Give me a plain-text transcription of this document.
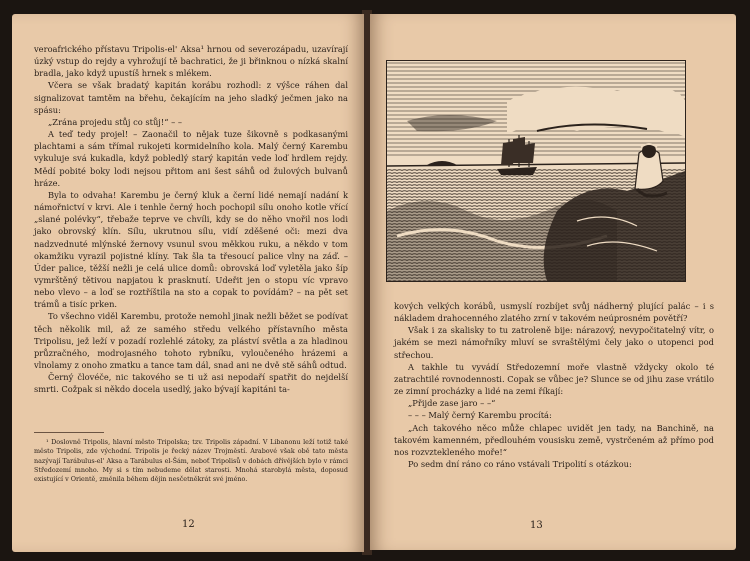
veroafrického přístavu Tripolis-el' Aksa¹ hrnou od severozápadu, uzavírají úzký vstup do rejdy a vyhrožují tě bachratici, že ji břinknou o nízká skalní bradla, jako když upustíš hrnek s mlékem.

Včera se však bradatý kapitán korábu rozhodl: z výšce ráhen dal signalizovat tamtěm na břehu, čekajícím na jeho sladký ječmen jako na spásu:

„Zrána projedu stůj co stůj!“ – –

A teď tedy projel! – Zaonačil to nějak tuze šikovně s podkasanými plachtami a sám třímal rukojeti kormidelního kola. Malý černý Karembu vykuluje svá kukadla, když pobledlý starý kapitán vede loď hrdlem rejdy. Mědí pobité boky lodi nejsou přitom ani šest sáhů od žulových bulvanů hráze.

Byla to odvaha! Karembu je černý kluk a černí lidé nemají nadání k námořnictví v krvi. Ale i tenhle černý hoch pochopil sílu onoho kotle vřící „slané polévky“, třebaže teprve ve chvíli, kdy se do něho vnořil nos lodi jako obrovský klín. Sílu, ukrutnou sílu, vidí zděšené oči: mezi dva nadzvednuté mlýnské žernovy vsunul svou měkkou ruku, a někdo v tom okamžiku vyrazil pojistné klíny. Tak šla ta třesoucí palice vlny na záď. – Úder palice, těžší nežli je celá ulice domů: obrovská loď vyletěla jako šíp vymrštěný tětivou napjatou k prasknutí. Udeřit jen o stopu víc vpravo nebo vlevo – a loď se roztříštila na sto a copak to povídám? – na pět set trámů a tisíc prken.

To všechno viděl Karembu, protože nemohl jinak nežli běžet se podívat těch několik mil, až ze samého středu velkého přístavního města Tripolisu, jež leží v pozadí rozlehlé zátoky, za pláství světla a za hladinou průzračného, modrojasného tohoto rybníku, vyloučeného hrázemi a vlnolamy z onoho zmatku a tance tam dál, snad ani ne dvě stě sáhů odtud.

Černý človéče, nic takového se ti už asi nepodaří spatřit do nejdelší smrti. Cožpak si někdo docela usedlý, jako bývají kapitáni ta-

¹ Doslovně Tripolis, hlavní město Tripolska; tzv. Tripolis západní. V Libanonu leží totiž také město Tripolis, zde východní. Tripolis je řecký název Trojměstí. Arabové však obě tato města nazývají Tarábulus-el' Aksa a Tarábulus el-Šám, neboť Tripolisů v dobách dřívějších bylo v rámci Středozemí mnoho. My si s tím nebudeme dělat starosti. Mnohá starobylá města, doposud existující v Orientě, změnila během dějin nesčetněkrát své jméno.
12

kových velkých korábů, usmyslí rozbíjet svůj nádherný plující palác – i s nákladem drahocenného zlatého zrní v takovém neúprosném povětří?

Však i za skalisky to tu zatroleně bije: nárazový, nevypočitatelný vítr, o jakém se mezi námořníky mluví se svraštělými čely jako o utopenci pod střechou.

A takhle tu vyvádí Středozemní moře vlastně vždycky okolo té zatrachtilé rovnodennosti. Copak se vůbec je? Slunce se od jihu zase vrátilo ze zimní procházky a lidé na zemi říkají:

„Přijde zase jaro – –“

– – – Malý černý Karembu procítá:

„Ach takového něco může chlapec uvidět jen tady, na Banchině, na takovém kamenném, předlouhém vousisku země, vystrčeném až přímo pod nos rozvztekleného moře!“

Po sedm dní ráno co ráno vstávali Tripolití s otázkou:

13
